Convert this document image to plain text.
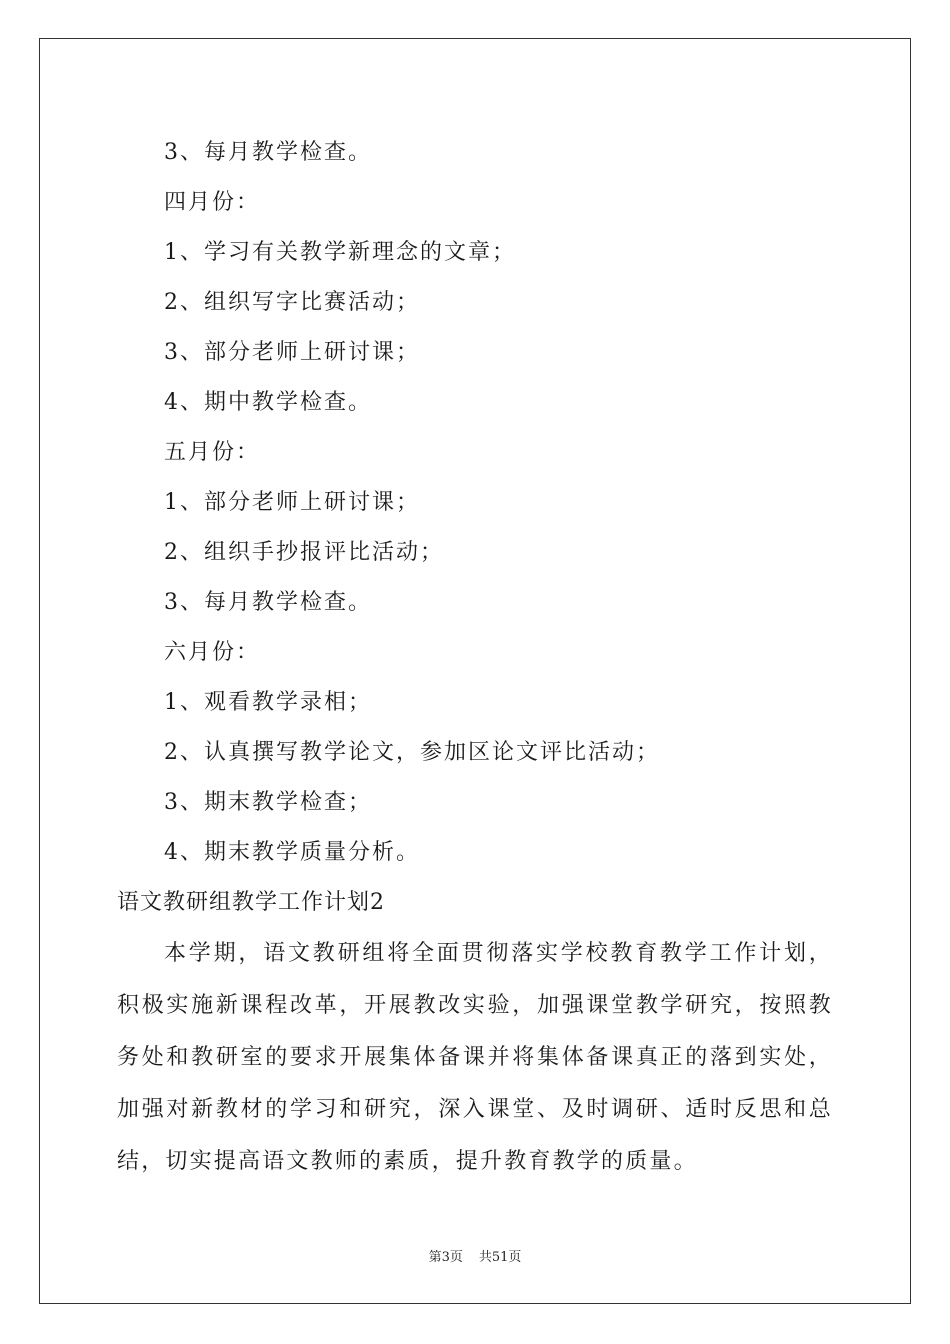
3、每月教学检查。
四月份：
1、学习有关教学新理念的文章；
2、组织写字比赛活动；
3、部分老师上研讨课；
4、期中教学检查。
五月份：
1、部分老师上研讨课；
2、组织手抄报评比活动；
3、每月教学检查。
六月份：
1、观看教学录相；
2、认真撰写教学论文，参加区论文评比活动；
3、期末教学检查；
4、期末教学质量分析。
语文教研组教学工作计划2

本学期，语文教研组将全面贯彻落实学校教育教学工作计划，积极实施新课程改革，开展教改实验，加强课堂教学研究，按照教务处和教研室的要求开展集体备课并将集体备课真正的落到实处，加强对新教材的学习和研究，深入课堂、及时调研、适时反思和总结，切实提高语文教师的素质，提升教育教学的质量。

第3页 共51页
